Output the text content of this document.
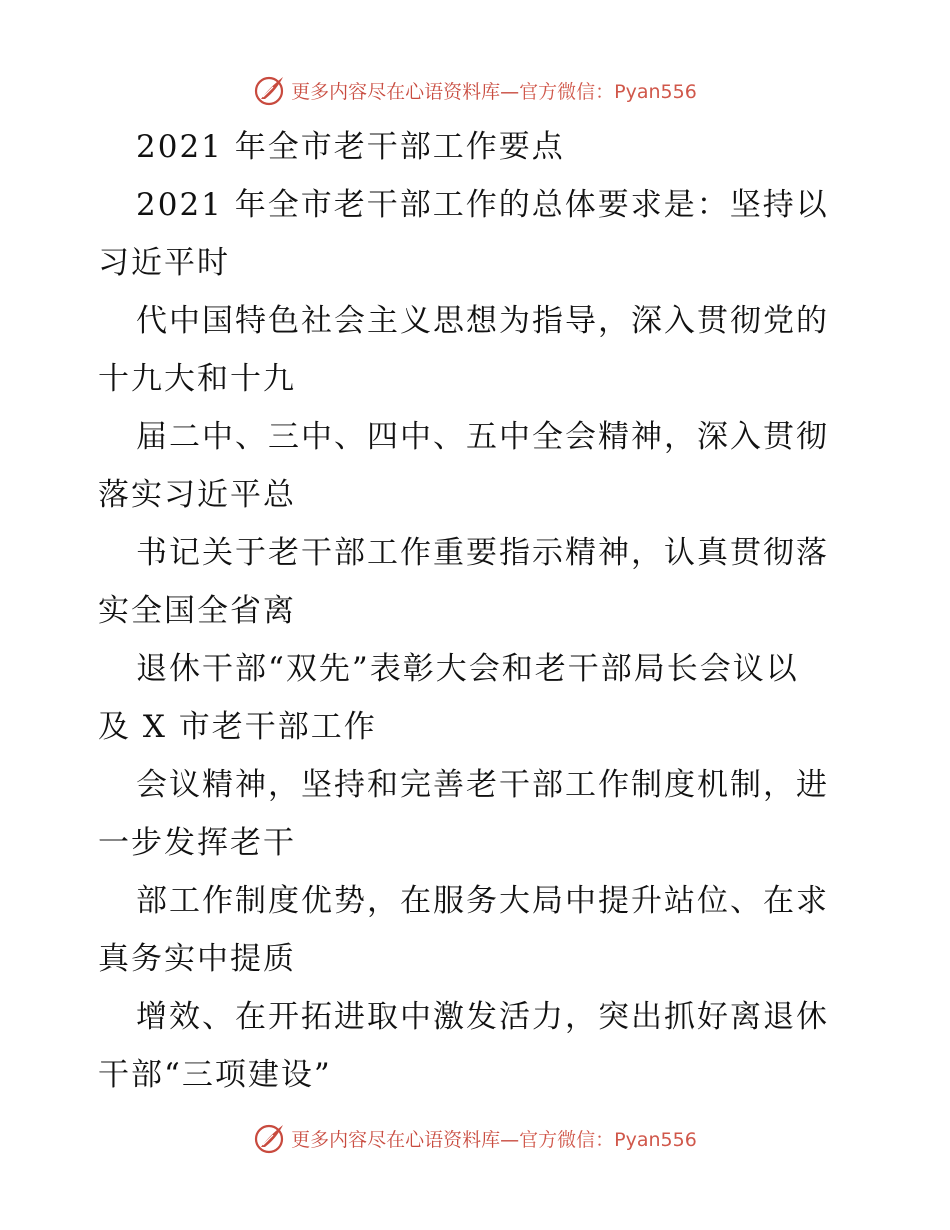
更多内容尽在心语资料库—官方微信：Pyan556
2021 年全市老干部工作要点
2021 年全市老干部工作的总体要求是：坚持以
习近平时
代中国特色社会主义思想为指导，深入贯彻党的
十九大和十九
届二中、三中、四中、五中全会精神，深入贯彻
落实习近平总
书记关于老干部工作重要指示精神，认真贯彻落
实全国全省离
退休干部“双先”表彰大会和老干部局长会议以
及 X 市老干部工作
会议精神，坚持和完善老干部工作制度机制，进
一步发挥老干
部工作制度优势，在服务大局中提升站位、在求
真务实中提质
增效、在开拓进取中激发活力，突出抓好离退休
干部“三项建设”
更多内容尽在心语资料库—官方微信：Pyan556
